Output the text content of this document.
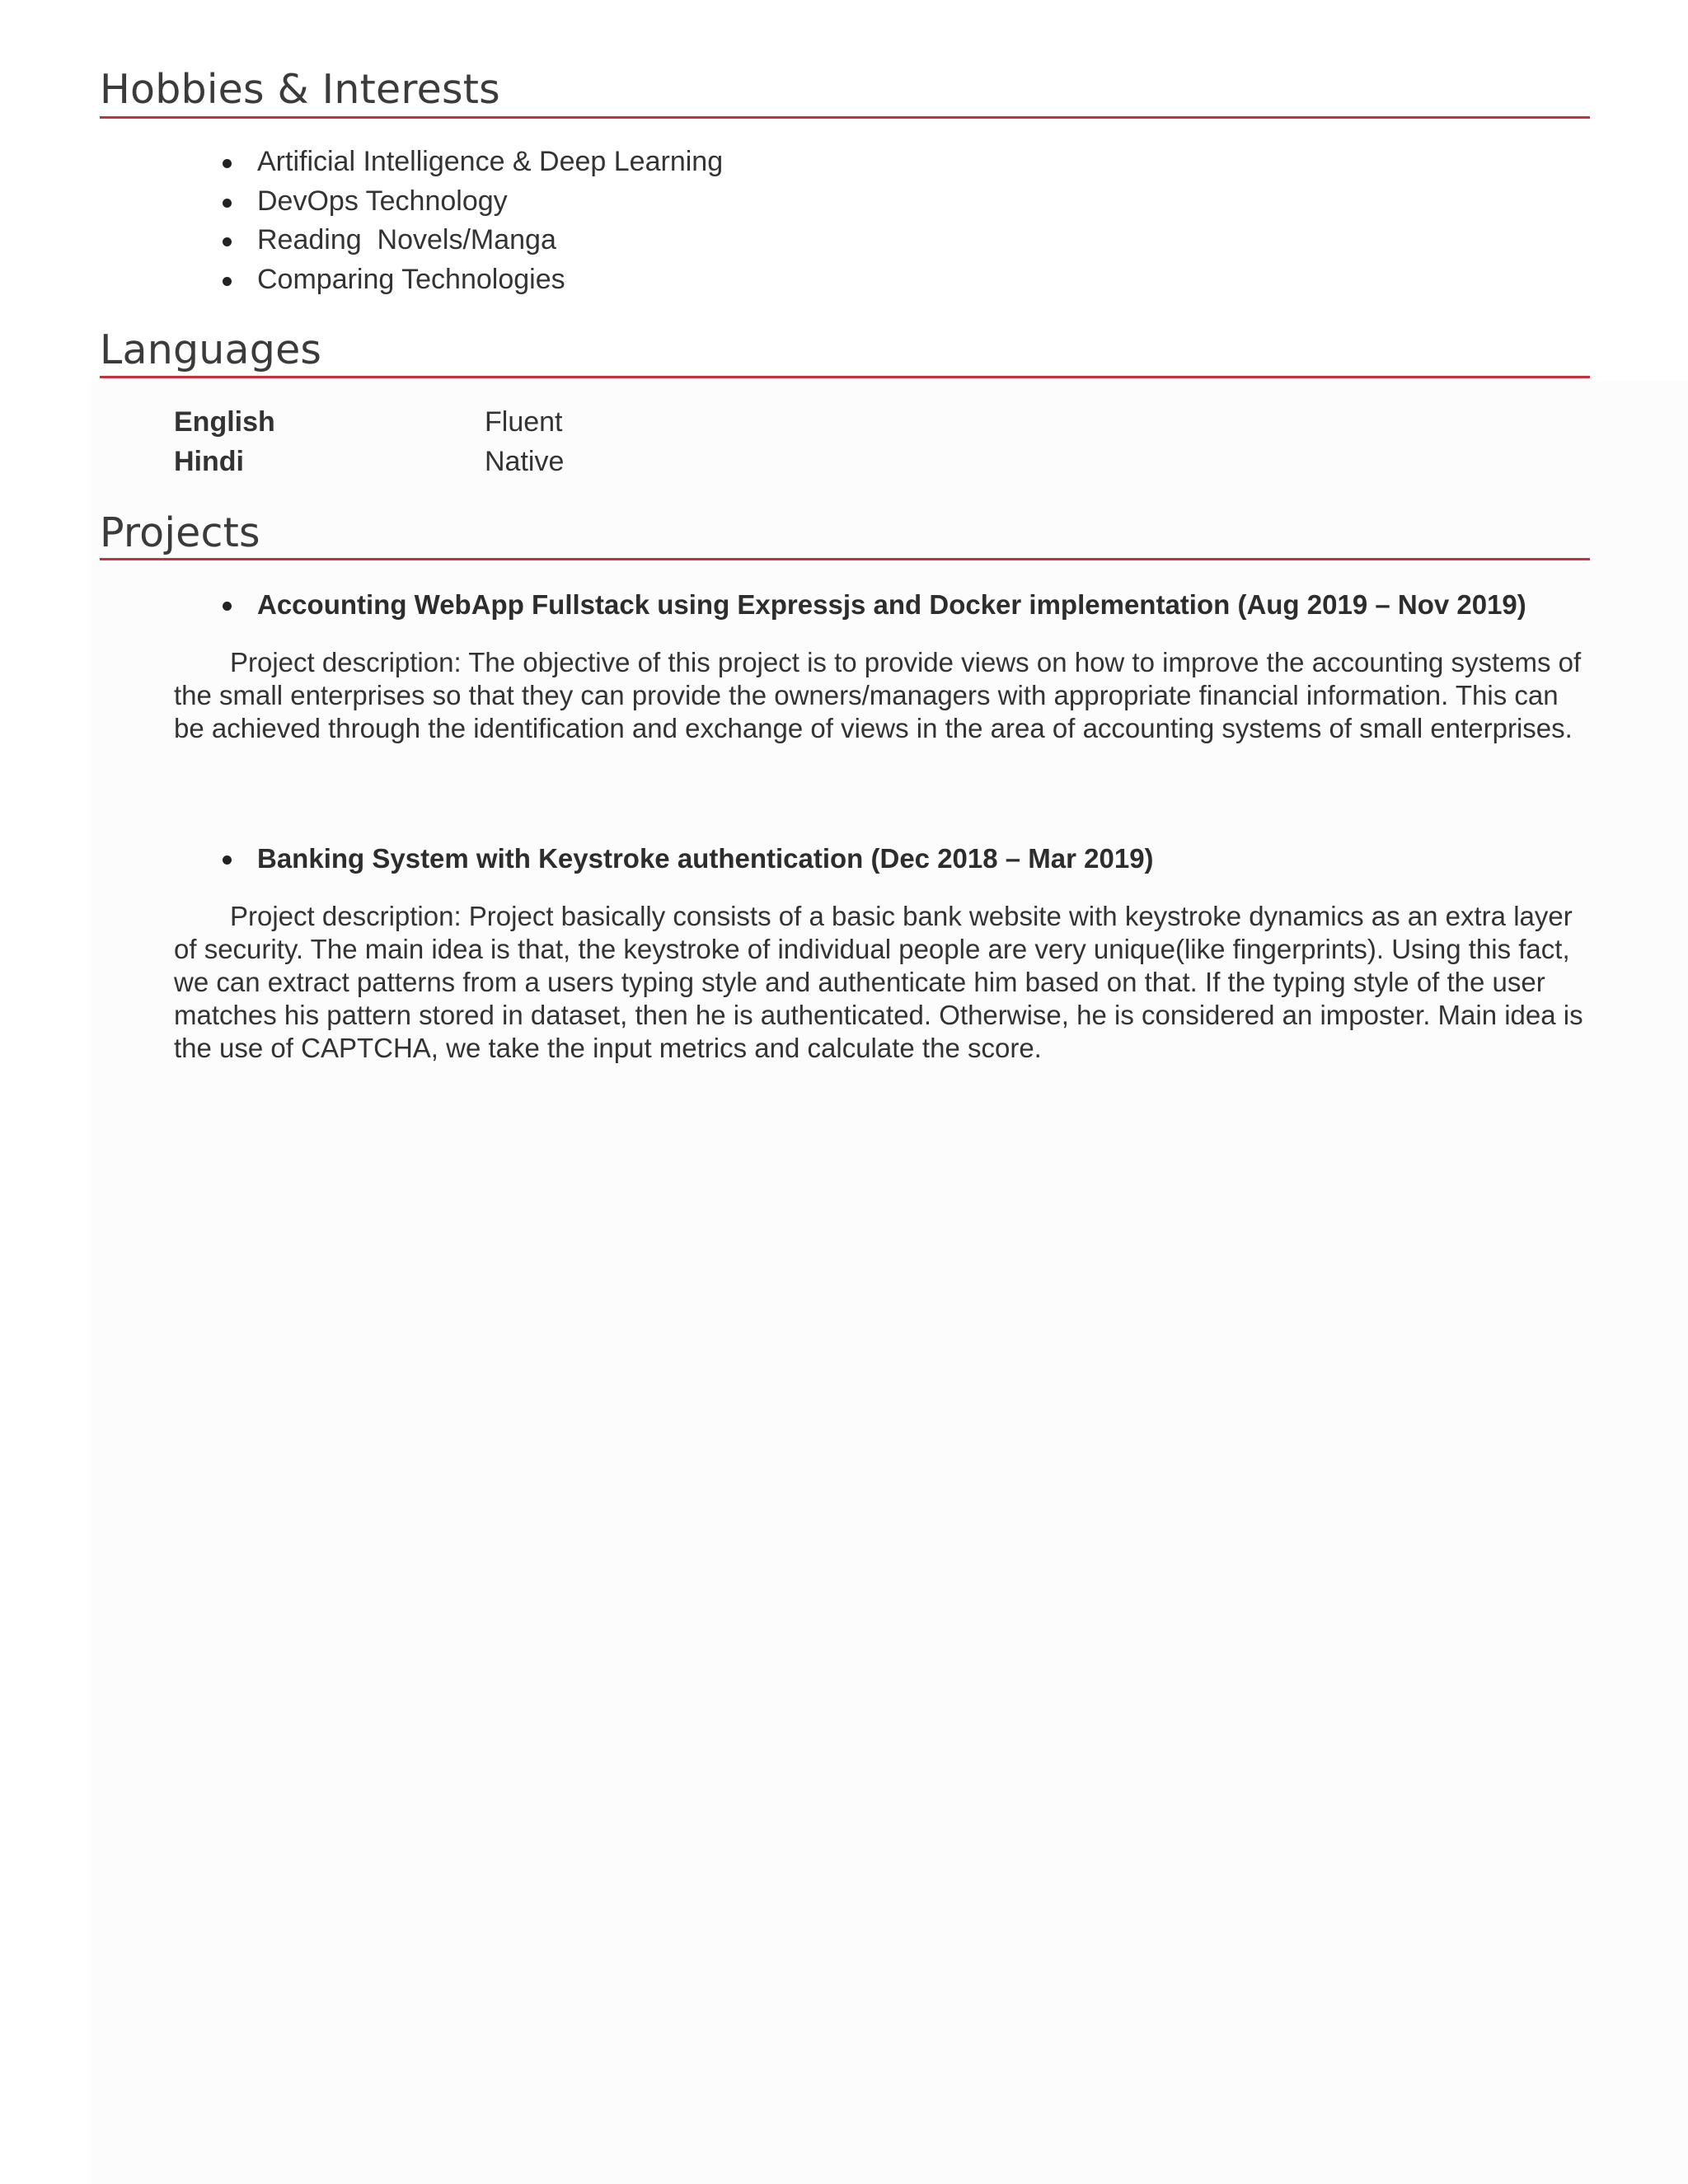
Hobbies & Interests
Artificial Intelligence & Deep Learning
DevOps Technology
Reading  Novels/Manga
Comparing Technologies
Languages
English	Fluent
Hindi	Native
Projects
Accounting WebApp Fullstack using Expressjs and Docker implementation (Aug 2019 – Nov 2019)

Project description: The objective of this project is to provide views on how to improve the accounting systems of the small enterprises so that they can provide the owners/managers with appropriate financial information. This can be achieved through the identification and exchange of views in the area of accounting systems of small enterprises.

Banking System with Keystroke authentication (Dec 2018 – Mar 2019)

Project description: Project basically consists of a basic bank website with keystroke dynamics as an extra layer of security. The main idea is that, the keystroke of individual people are very unique(like fingerprints). Using this fact, we can extract patterns from a users typing style and authenticate him based on that. If the typing style of the user matches his pattern stored in dataset, then he is authenticated. Otherwise, he is considered an imposter. Main idea is the use of CAPTCHA, we take the input metrics and calculate the score.
